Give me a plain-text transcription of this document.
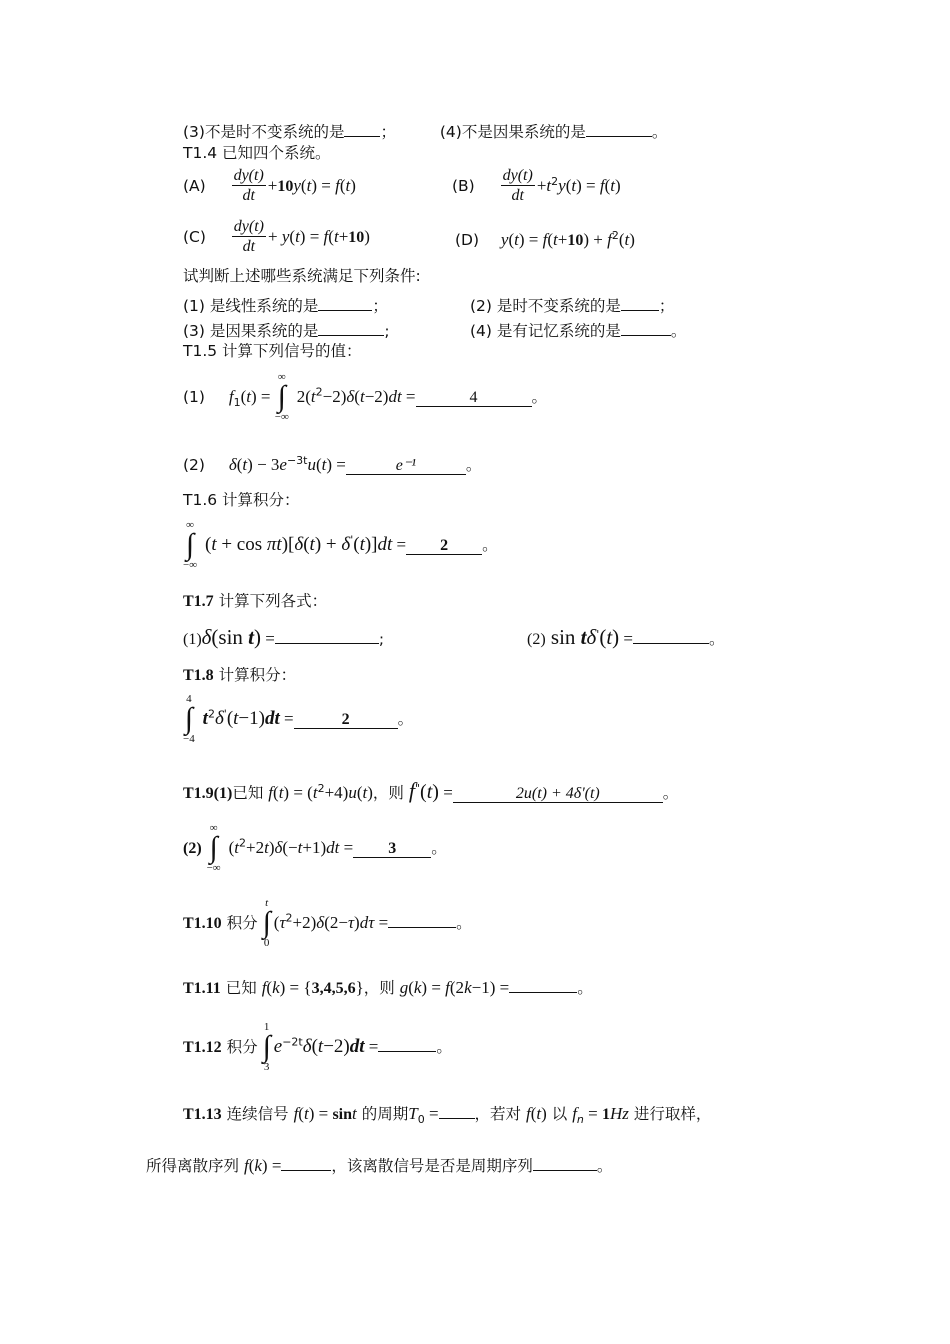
(3)不是时不变系统的是 ；	(4)不是因果系统的是	。
T1.4 已知四个系统。
$(A) \frac{dy(t)}{dt} +10y(t) = f(t)$	$(B) \frac{dy(t)}{dt} +t^2y(t) = f(t)$
$(C) \frac{dy(t)}{dt} + y(t) = f(t+10)$	(D) $y(t) = f(t+10) + f^2(t)$
试判断上述哪些系统满足下列条件:
(1) 是线性系统的是	；	(2) 是时不变系统的是 ；
(3) 是因果系统的是	;	(4) 是有记忆系统的是	。
T1.5 计算下列信号的值：
(1) $f_1(t)$ =
∞
∫
−∞
$2(t^2-2)\delta(t-2)dt$ =	4	。
(2) $\delta(t) - 3e^{-3t}u(t)$ =	e⁻¹	。
T1.6 计算积分：
∞
∫
−∞
(t + cos πt)[δ(t) + δ'(t)]dt = 2 。
T1.7 计算下列各式：
(1)δ(sin t) =	;	(2) sin tδ'(t) =	。
T1.8 计算积分：
4
∫
−4
$t^2\delta'(t-1)dt$ =	2	。
T1.9(1)已知 $f(t) = (t^2+4)u(t)$，则 f"(t) =	2u(t) + 4δ'(t)	。
(2)
∞
∫
−∞
$(t^2+2t)\delta(-t+1)dt = 3$ 。
T1.10 积分
t
∫
0
$(\tau^2+2)\delta(2-\tau)d\tau$ =	。
T1.11 已知 f(k) = {3,4,5,6}，则 g(k) = f(2k−1) =	。
T1.12 积分
1
∫
3
$e^{-2t}\delta(t-2)dt$ =	。
T1.13 连续信号 f(t) = sint 的周期$T_0$ = ，若对 f(t) 以 $f_n = 1Hz$ 进行取样，
所得离散序列 f(k) =	，该离散信号是否是周期序列	。
